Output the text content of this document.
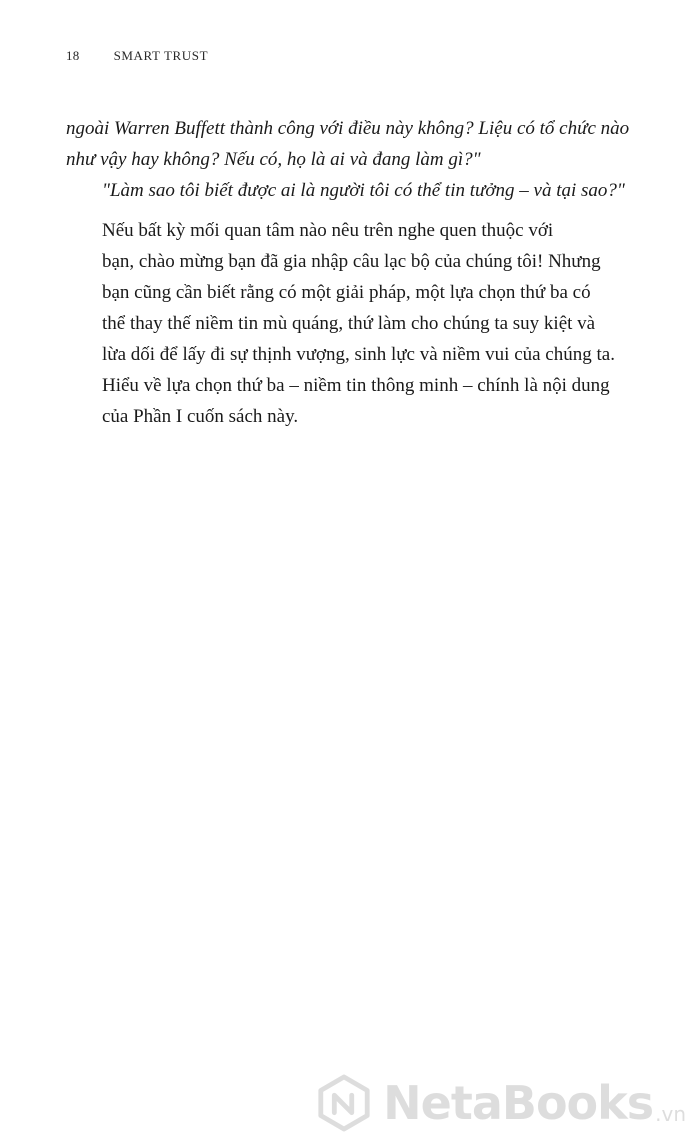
18	SMART TRUST

ngoài Warren Buffett thành công với điều này không? Liệu có tổ chức nào
như vậy hay không? Nếu có, họ là ai và đang làm gì?"

"Làm sao tôi biết được ai là người tôi có thể tin tưởng – và tại sao?"

Nếu bất kỳ mối quan tâm nào nêu trên nghe quen thuộc với
bạn, chào mừng bạn đã gia nhập câu lạc bộ của chúng tôi! Nhưng
bạn cũng cần biết rằng có một giải pháp, một lựa chọn thứ ba có
thể thay thế niềm tin mù quáng, thứ làm cho chúng ta suy kiệt và
lừa dối để lấy đi sự thịnh vượng, sinh lực và niềm vui của chúng ta.
Hiểu về lựa chọn thứ ba – niềm tin thông minh – chính là nội dung
của Phần I cuốn sách này.

NetaBooks .vn
